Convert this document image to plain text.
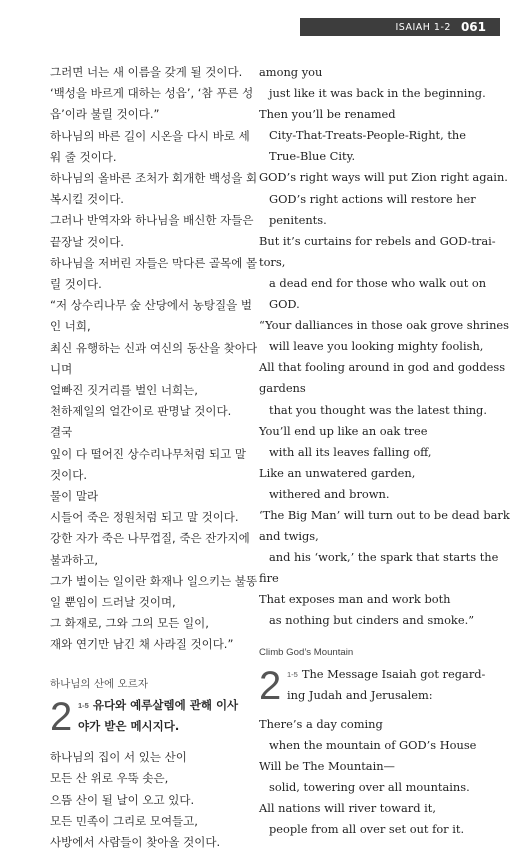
ISAIAH 1-2 061
그러면 너는 새 이름을 갖게 될 것이다.
‘백성을 바르게 대하는 성읍’, ‘참 푸른 성
읍’이라 불릴 것이다.”
하나님의 바른 길이 시온을 다시 바로 세
워 줄 것이다.
하나님의 올바른 조처가 회개한 백성을 회
복시킬 것이다.
그러나 반역자와 하나님을 배신한 자들은
끝장날 것이다.
하나님을 저버린 자들은 막다른 골목에 몰
릴 것이다.
“저 상수리나무 숲 산당에서 농탕질을 벌
인 너희,
최신 유행하는 신과 여신의 동산을 찾아다
니며
얼빠진 짓거리를 벌인 너희는,
천하제일의 얼간이로 판명날 것이다.
결국
잎이 다 떨어진 상수리나무처럼 되고 말
것이다.
물이 말라
시들어 죽은 정원처럼 되고 말 것이다.
강한 자가 죽은 나무껍질, 죽은 잔가지에
불과하고,
그가 벌이는 일이란 화재나 일으키는 불똥
일 뿐임이 드러날 것이며,
그 화재로, 그와 그의 모든 일이,
재와 연기만 남긴 채 사라질 것이다.”
하나님의 산에 오르자
2 $^{1-5}$ 유다와 예루살렘에 관해 이사
야가 받은 메시지다.
하나님의 집이 서 있는 산이
모든 산 위로 우뚝 솟은,
으뜸 산이 될 날이 오고 있다.
모든 민족이 그리로 모여들고,
사방에서 사람들이 찾아올 것이다.
among you
just like it was back in the beginning.
Then you’ll be renamed
City-That-Treats-People-Right, the
True-Blue City.
GOD’s right ways will put Zion right again.
GOD’s right actions will restore her
penitents.
But it’s curtains for rebels and GOD-trai-
tors,
a dead end for those who walk out on
GOD.
“Your dalliances in those oak grove shrines
will leave you looking mighty foolish,
All that fooling around in god and goddess
gardens
that you thought was the latest thing.
You’ll end up like an oak tree
with all its leaves falling off,
Like an unwatered garden,
withered and brown.
‘The Big Man’ will turn out to be dead bark
and twigs,
and his ‘work,’ the spark that starts the
fire
That exposes man and work both
as nothing but cinders and smoke.”
Climb God’s Mountain
2 $^{1-5}$ The Message Isaiah got regard-
ing Judah and Jerusalem:
There’s a day coming
when the mountain of GOD’s House
Will be The Mountain—
solid, towering over all mountains.
All nations will river toward it,
people from all over set out for it.
